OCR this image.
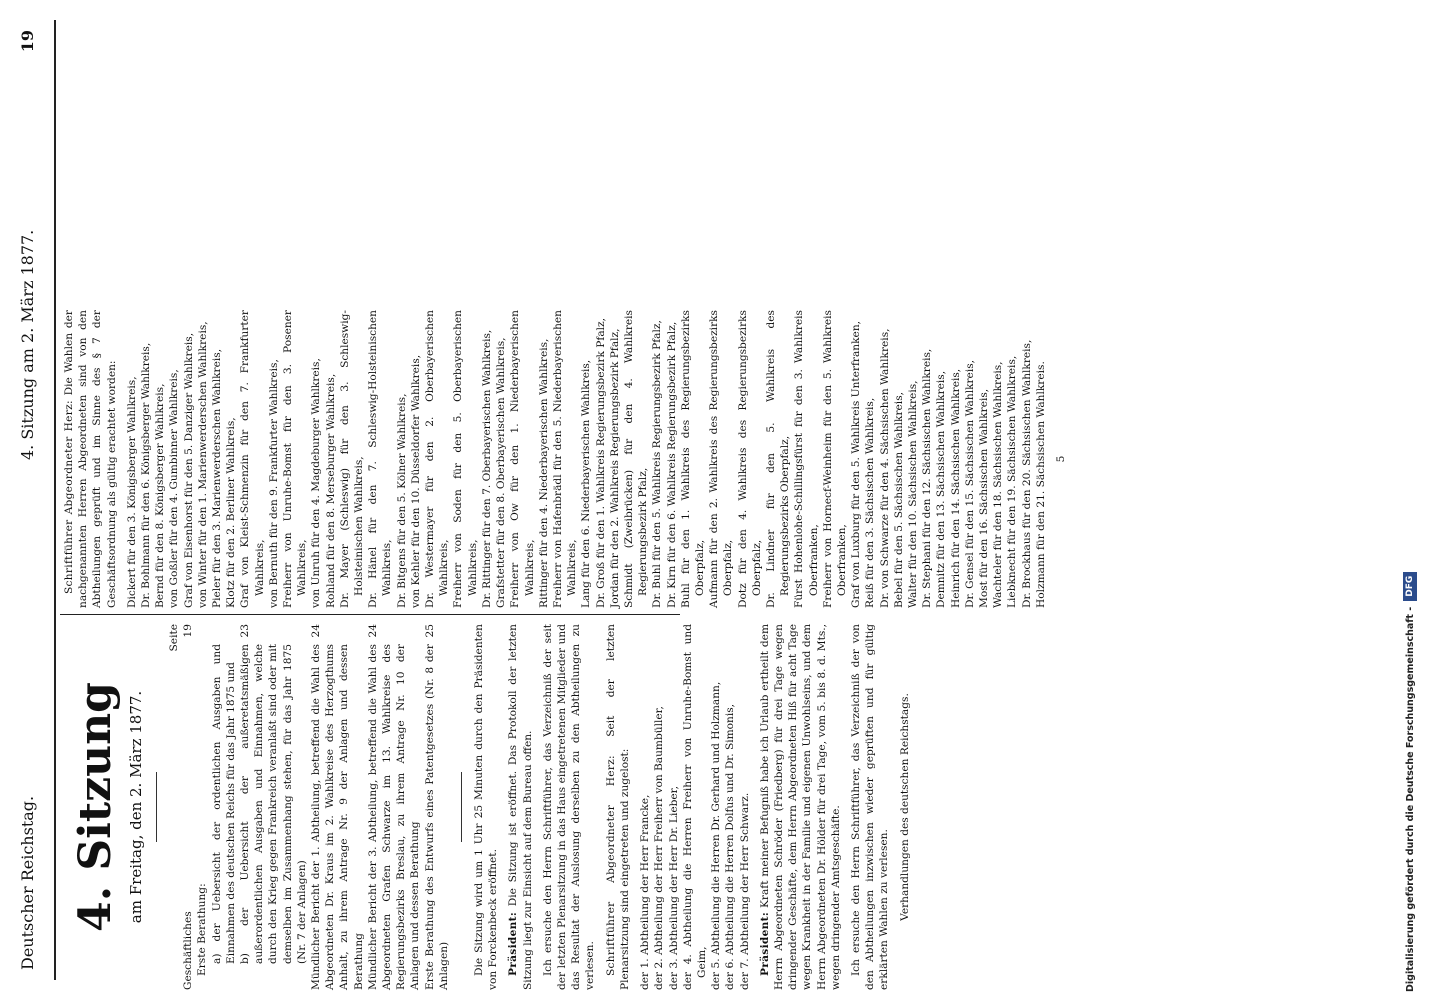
Deutscher Reichstag.
4. Sitzung am 2. März 1877.
19
4. Sitzung am Freitag, den 2. März 1877.
Seite
Geschäftliches
19
Erste Berathung: a) der Uebersicht der ordentlichen Ausgaben und Einnahmen des deutschen Reichs für das Jahr 1875 und b) der Uebersicht der außeretatsmäßigen außerordentlichen Ausgaben und Einnahmen, welche durch den Krieg gegen Frankreich veranlaßt sind oder mit demselben im Zusammenhang stehen, für das Jahr 1875 (Nr. 7 der Anlagen)
23
Mündlicher Bericht der 1. Abtheilung, betreffend die Wahl des Abgeordneten Dr. Kraus im 2. Wahlkreise des Herzogthums Anhalt, zu ihrem Antrage Nr. 9 der Anlagen und dessen Berathung
24
Mündlicher Bericht der 3. Abtheilung, betreffend die Wahl des Abgeordneten Grafen Schwarze im 13. Wahlkreise des Regierungsbezirks Breslau, zu ihrem Antrage Nr. 10 der Anlagen und dessen Berathung
24
Erste Berathung des Entwurfs eines Patentgesetzes (Nr. 8 der Anlagen)
25	Die Sitzung wird um 1 Uhr 25 Minuten durch den Präsidenten von Forckenbeck eröffnet. Präsident: Die Sitzung ist eröffnet. Das Protokoll der letzten Sitzung liegt zur Einsicht auf dem Bureau offen. Ich ersuche den Herrn Schriftführer, das Verzeichniß der seit der letzten Plenarsitzung in das Haus eingetretenen Mitglieder und das Resultat der Auslosung derselben zu den Abtheilungen zu verlesen. Schriftführer Abgeordneter Herz: Seit der letzten Plenarsitzung sind eingetreten und zugelost: der 1. Abtheilung der Herr Francke, der 2. Abtheilung der Herr Freiherr von Baumbüller, der 3. Abtheilung der Herr Dr. Lieber, der 4. Abtheilung die Herren Freiherr von Unruhe-Bomst und Geim, der 5. Abtheilung die Herren Dr. Gerhard und Holzmann, der 6. Abtheilung die Herren Dolfus und Dr. Simonis, der 7. Abtheilung der Herr Schwarz. Präsident: Kraft meiner Befugniß habe ich Urlaub ertheilt dem Herrn Abgeordneten Schröder (Friedberg) für drei Tage wegen dringender Geschäfte, dem Herrn Abgeordneten Hiß für acht Tage wegen Krankheit in der Familie und eigenen Unwohlseins, und dem Herrn Abgeordneten Dr. Hölder für drei Tage, vom 5. bis 8. d. Mts., wegen dringender Amtsgeschäfte. Ich ersuche den Herrn Schriftführer, das Verzeichniß der von den Abtheilungen inzwischen wieder geprüften und für gültig erklärten Wahlen zu verlesen. Verhandlungen des deutschen Reichstags.

Schriftführer Abgeordneter Herz: Die Wahlen der nachgenannten Herren Abgeordneten sind von den Abtheilungen geprüft und im Sinne des § 7 der Geschäftsordnung als gültig erachtet worden: Dickert für den 3. Königsberger Wahlkreis, Dr. Bohlmann für den 6. Königsberger Wahlkreis, Bernd für den 8. Königsberger Wahlkreis, von Goßler für den 4. Gumbinner Wahlkreis, Graf von Eisenhorst für den 5. Danziger Wahlkreis, von Winter für den 1. Marienwerderschen Wahlkreis, Pieler für den 3. Marienwerderschen Wahlkreis, Klotz für den 2. Berliner Wahlkreis, Graf von Kleist-Schmenzin für den 7. Frankfurter Wahlkreis, von Bernuth für den 9. Frankfurter Wahlkreis, Freiherr von Unruhe-Bomst für den 3. Posener Wahlkreis, von Unruh für den 4. Magdeburger Wahlkreis, Rohland für den 8. Merseburger Wahlkreis, Dr. Mayer (Schleswig) für den 3. Schleswig-Holsteinischen Wahlkreis, Dr. Hänel für den 7. Schleswig-Holsteinischen Wahlkreis, Dr. Bitgens für den 5. Kölner Wahlkreis, von Kehler für den 10. Düsseldorfer Wahlkreis, Dr. Westermayer für den 2. Oberbayerischen Wahlkreis, Freiherr von Soden für den 5. Oberbayerischen Wahlkreis, Dr. Rittinger für den 7. Oberbayerischen Wahlkreis, Grafstetter für den 8. Oberbayerischen Wahlkreis, Freiherr von Ow für den 1. Niederbayerischen Wahlkreis, Rittinger für den 4. Niederbayerischen Wahlkreis, Freiherr von Hafenbrädl für den 5. Niederbayerischen Wahlkreis, Lang für den 6. Niederbayerischen Wahlkreis, Dr. Groß für den 1. Wahlkreis Regierungsbezirk Pfalz, Jordan für den 2. Wahlkreis Regierungsbezirk Pfalz, Schmidt (Zweibrücken) für den 4. Wahlkreis Regierungsbezirk Pfalz, Dr. Buhl für den 5. Wahlkreis Regierungsbezirk Pfalz, Dr. Kirn für den 6. Wahlkreis Regierungsbezirk Pfalz, Buhl für den 1. Wahlkreis des Regierungsbezirks Oberpfalz, Aufmann für den 2. Wahlkreis des Regierungsbezirks Oberpfalz, Dotz für den 4. Wahlkreis des Regierungsbezirks Oberpfalz, Dr. Lindner für den 5. Wahlkreis des Regierungsbezirks Oberpfalz, Fürst Hohenlohe-Schillingsfürst für den 3. Wahlkreis Oberfranken, Freiherr von Hornecf-Weinheim für den 5. Wahlkreis Oberfranken, Graf von Luxburg für den 5. Wahlkreis Unterfranken, Reiß für den 3. Sächsischen Wahlkreis, Dr. von Schwarze für den 4. Sächsischen Wahlkreis, Bebel für den 5. Sächsischen Wahlkreis, Walter für den 10. Sächsischen Wahlkreis, Dr. Stephani für den 12. Sächsischen Wahlkreis, Demnitz für den 13. Sächsischen Wahlkreis, Heinrich für den 14. Sächsischen Wahlkreis, Dr. Gensel für den 15. Sächsischen Wahlkreis, Most für den 16. Sächsischen Wahlkreis, Wachteler für den 18. Sächsischen Wahlkreis, Liebknecht für den 19. Sächsischen Wahlkreis, Dr. Brockhaus für den 20. Sächsischen Wahlkreis, Holzmann für den 21. Sächsischen Wahlkreis. 5
Digitalisierung gefördert durch die Deutsche Forschungsgemeinschaft -
DFG
